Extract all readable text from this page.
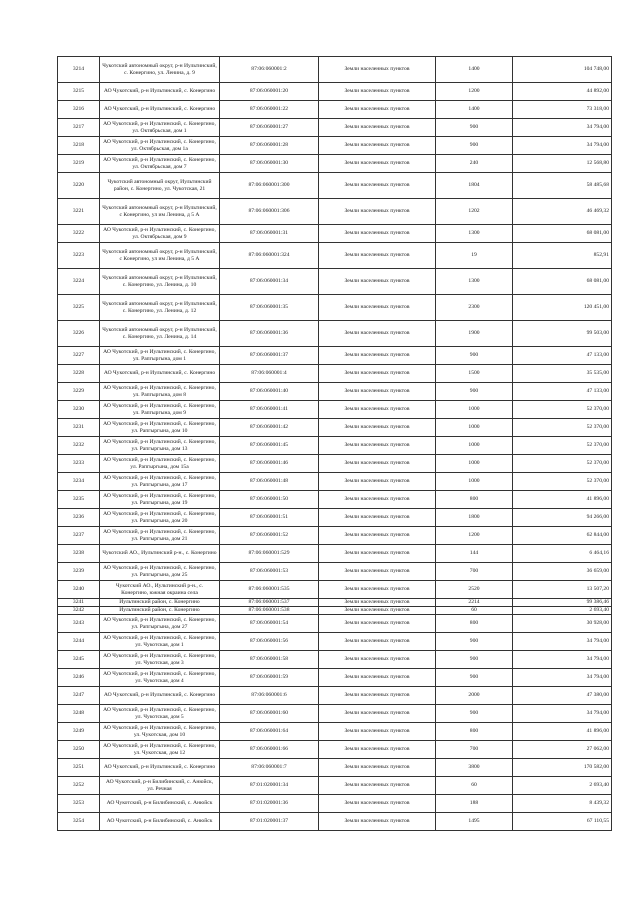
3214	Чукотский автономный округ, р-н Иультинский, с. Конергино, ул. Ленина, д. 9	87:06:060001:2	Земли населенных пунктов	1400	104 748,00
3215	АО Чукотский, р-н Иультинский, с. Конергино	87:06:060001:20	Земли населенных пунктов	1200	44 892,00
3216	АО Чукотский, р-н Иультинский, с. Конергино	87:06:060001:22	Земли населенных пунктов	1400	73 318,00
3217	АО Чукотский, р-н Иультинский, с. Конергино, ул. Октябрьская, дом 1	87:06:060001:27	Земли населенных пунктов	900	34 794,00
3218	АО Чукотский, р-н Иультинский, с. Конергино, ул. Октябрьская, дом 1а	87:06:060001:28	Земли населенных пунктов	900	34 794,00
3219	АО Чукотский, р-н Иультинский, с. Конергино, ул. Октябрьская, дом 7	87:06:060001:30	Земли населенных пунктов	240	12 568,80
3220	Чукотский автономный округ, Иультинский район, с. Конергино, ул. Чукотская, 21	87:06:060001:300	Земли населенных пунктов	1804	58 485,68
3221	Чукотский автономный округ, р-н Иультинский, с Конергино, ул им Ленина, д 5 А	87:06:060001:306	Земли населенных пунктов	1202	46 469,32
3222	АО Чукотский, р-н Иультинский, с. Конергино, ул. Октябрьская, дом 9	87:06:060001:31	Земли населенных пунктов	1300	68 081,00
3223	Чукотский автономный округ, р-н Иультинский, с Конергино, ул им Ленина, д 5 А	87:06:060001:324	Земли населенных пунктов	19	852,91
3224	Чукотский автономный округ, р-н Иультинский, с. Конергино, ул. Ленина, д. 10	87:06:060001:34	Земли населенных пунктов	1300	68 081,00
3225	Чукотский автономный округ, р-н Иультинский, с. Конергино, ул. Ленина, д. 12	87:06:060001:35	Земли населенных пунктов	2300	120 451,00
3226	Чукотский автономный округ, р-н Иультинский, с. Конергино, ул. Ленина, д. 14	87:06:060001:36	Земли населенных пунктов	1900	99 503,00
3227	АО Чукотский, р-н Иультинский, с. Конергино, ул. Рапгыргына, дом 1	87:06:060001:37	Земли населенных пунктов	900	47 133,00
3228	АО Чукотский, р-н Иультинский, с. Конергино	87:06:060001:4	Земли населенных пунктов	1500	35 535,00
3229	АО Чукотский, р-н Иультинский, с. Конергино, ул. Рапгыргына, дом 8	87:06:060001:40	Земли населенных пунктов	900	47 133,00
3230	АО Чукотский, р-н Иультинский, с. Конергино, ул. Рапгыргына, дом 9	87:06:060001:41	Земли населенных пунктов	1000	52 370,00
3231	АО Чукотский, р-н Иультинский, с. Конергино, ул. Рапгыргына, дом 10	87:06:060001:42	Земли населенных пунктов	1000	52 370,00
3232	АО Чукотский, р-н Иультинский, с. Конергино, ул. Рапгыргына, дом 13	87:06:060001:45	Земли населенных пунктов	1000	52 370,00
3233	АО Чукотский, р-н Иультинский, с. Конергино, ул. Рапгыргына, дом 15а	87:06:060001:46	Земли населенных пунктов	1000	52 370,00
3234	АО Чукотский, р-н Иультинский, с. Конергино, ул. Рапгыргына, дом 17	87:06:060001:48	Земли населенных пунктов	1000	52 370,00
3235	АО Чукотский, р-н Иультинский, с. Конергино, ул. Рапгыргына, дом 19	87:06:060001:50	Земли населенных пунктов	800	41 896,00
3236	АО Чукотский, р-н Иультинский, с. Конергино, ул. Рапгыргына, дом 20	87:06:060001:51	Земли населенных пунктов	1800	94 266,00
3237	АО Чукотский, р-н Иультинский, с. Конергино, ул. Рапгыргына, дом 21	87:06:060001:52	Земли населенных пунктов	1200	62 844,00
3238	Чукотский АО., Иультинский р-н., с. Конергино	87:06:060001:529	Земли населенных пунктов	144	6 464,16
3239	АО Чукотский, р-н Иультинский, с. Конергино, ул. Рапгыргына, дом 25	87:06:060001:53	Земли населенных пунктов	700	36 659,00
3240	Чукотский АО., Иультинский р-н., с. Конергино, южная окраина села	87:06:060001:535	Земли населенных пунктов	2520	13 507,20
3241	Иультинский район, с. Конергино	87:06:060001:537	Земли населенных пунктов	2214	99 386,46
3242	Иультинский район, с. Конергино	87:06:060001:538	Земли населенных пунктов	60	2 693,40
3243	АО Чукотский, р-н Иультинский, с. Конергино, ул. Рапгыргына, дом 27	87:06:060001:54	Земли населенных пунктов	800	30 928,00
3244	АО Чукотский, р-н Иультинский, с. Конергино, ул. Чукотская, дом 1	87:06:060001:56	Земли населенных пунктов	900	34 794,00
3245	АО Чукотский, р-н Иультинский, с. Конергино, ул. Чукотская, дом 3	87:06:060001:58	Земли населенных пунктов	900	34 794,00
3246	АО Чукотский, р-н Иультинский, с. Конергино, ул. Чукотская, дом 4	87:06:060001:59	Земли населенных пунктов	900	34 794,00
3247	АО Чукотский, р-н Иультинский, с. Конергино	87:06:060001:6	Земли населенных пунктов	2000	47 380,00
3248	АО Чукотский, р-н Иультинский, с. Конергино, ул. Чукотская, дом 5	87:06:060001:60	Земли населенных пунктов	900	34 794,00
3249	АО Чукотский, р-н Иультинский, с. Конергино, ул. Чукотская, дом 10	87:06:060001:64	Земли населенных пунктов	800	41 896,00
3250	АО Чукотский, р-н Иультинский, с. Конергино, ул. Чукотская, дом 12	87:06:060001:66	Земли населенных пунктов	700	27 062,00
3251	АО Чукотский, р-н Иультинский, с. Конергино	87:06:060001:7	Земли населенных пунктов	3800	170 582,00
3252	АО Чукотский, р-н Билибинский, с. Анюйск, ул. Речная	87:01:020001:34	Земли населенных пунктов	60	2 693,40
3253	АО Чукотский, р-н Билибинский, с. Анюйск	87:01:020001:36	Земли населенных пунктов	188	8 439,32
3254	АО Чукотский, р-н Билибинский, с. Анюйск	87:01:020001:37	Земли населенных пунктов	1495	67 110,55
